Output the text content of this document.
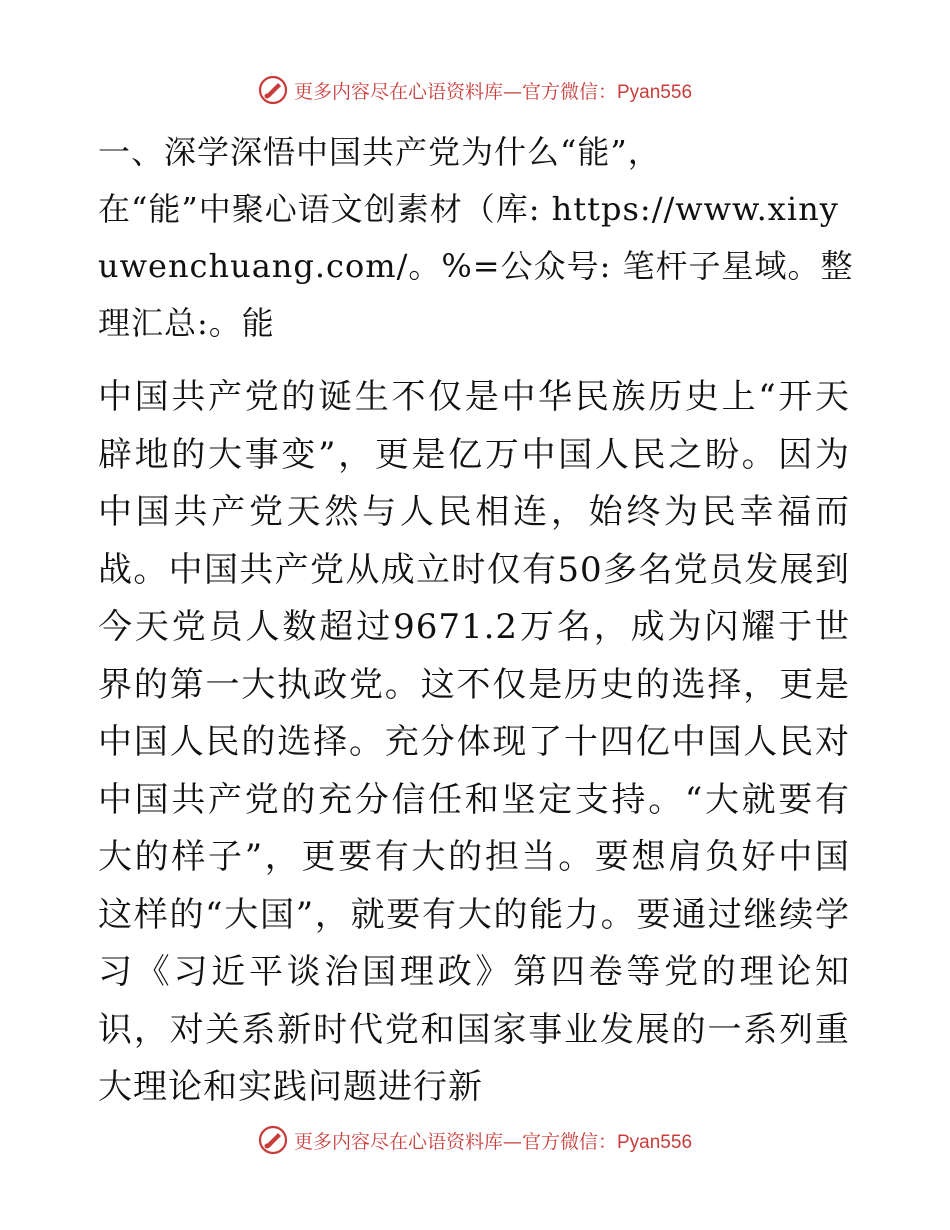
更多内容尽在心语资料库—官方微信：Pyan556

一、深学深悟中国共产党为什么“能”，
在“能”中聚心语文创素材（库: https://www.xinyuwenchuang.com/。%=公众号: 笔杆子星域。整理汇总:。能

中国共产党的诞生不仅是中华民族历史上“开天辟地的大事变”，更是亿万中国人民之盼。因为中国共产党天然与人民相连，始终为民幸福而战。中国共产党从成立时仅有50多名党员发展到今天党员人数超过9671.2万名，成为闪耀于世界的第一大执政党。这不仅是历史的选择，更是中国人民的选择。充分体现了十四亿中国人民对中国共产党的充分信任和坚定支持。“大就要有大的样子”，更要有大的担当。要想肩负好中国这样的“大国”，就要有大的能力。要通过继续学习《习近平谈治国理政》第四卷等党的理论知识，对关系新时代党和国家事业发展的一系列重大理论和实践问题进行新

更多内容尽在心语资料库—官方微信：Pyan556
